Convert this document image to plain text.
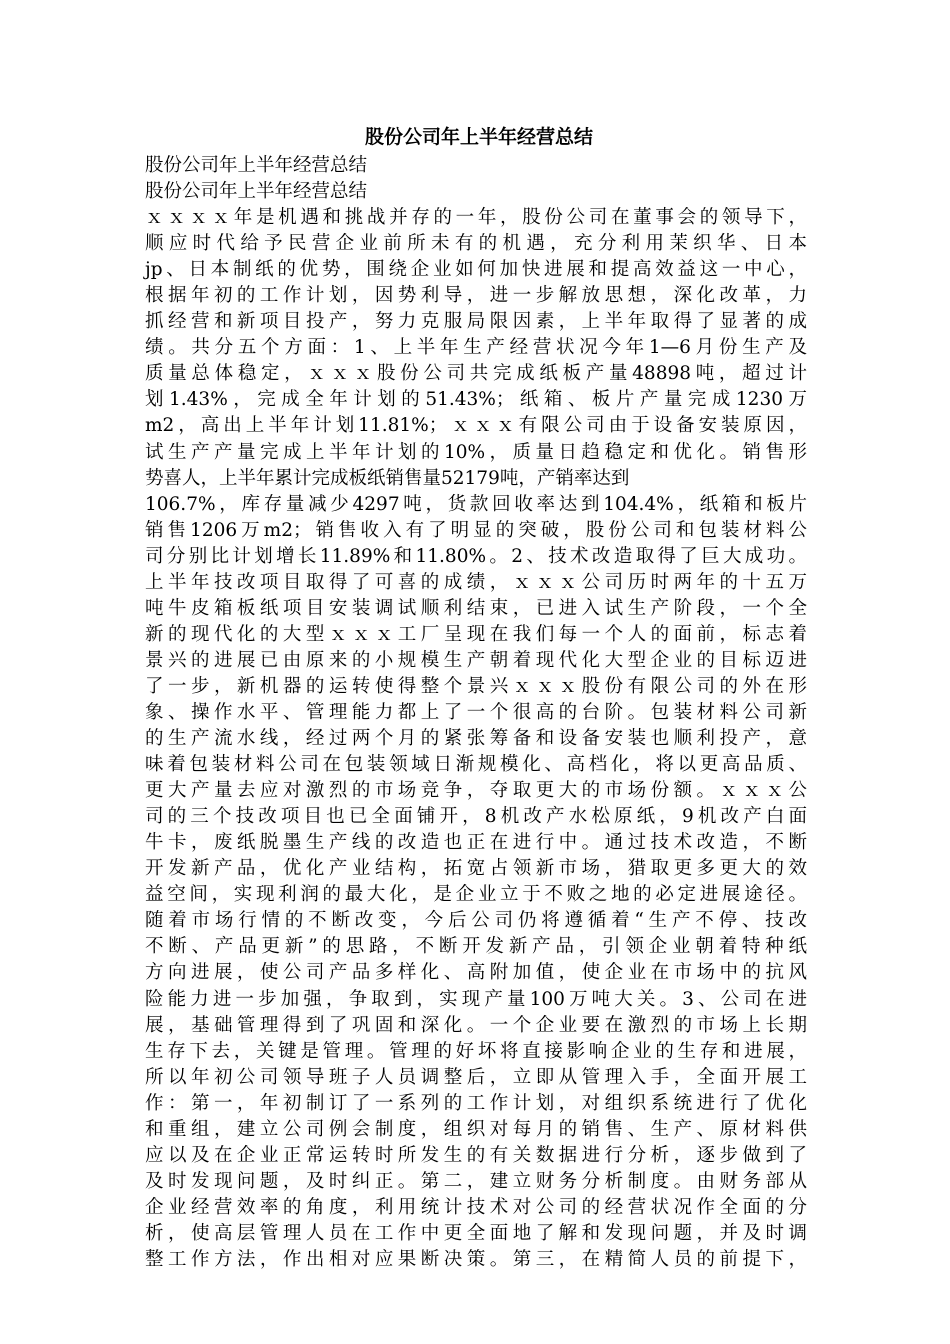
股份公司年上半年经营总结
股份公司年上半年经营总结
股份公司年上半年经营总结
ｘｘｘｘ年是机遇和挑战并存的一年，股份公司在董事会的领导下，
顺应时代给予民营企业前所未有的机遇，充分利用茉织华、日本
jp、日本制纸的优势，围绕企业如何加快进展和提高效益这一中心，
根据年初的工作计划，因势利导，进一步解放思想，深化改革，力
抓经营和新项目投产，努力克服局限因素，上半年取得了显著的成
绩。共分五个方面：1、上半年生产经营状况今年1—6月份生产及
质量总体稳定，ｘｘｘ股份公司共完成纸板产量48898吨，超过计
划1.43%，完成全年计划的51.43%；纸箱、板片产量完成1230万
m2，高出上半年计划11.81%；ｘｘｘ有限公司由于设备安装原因，
试生产产量完成上半年计划的10%，质量日趋稳定和优化。销售形
势喜人，上半年累计完成板纸销售量52179吨，产销率达到
106.7%，库存量减少4297吨，货款回收率达到104.4%，纸箱和板片
销售1206万m2；销售收入有了明显的突破，股份公司和包装材料公
司分别比计划增长11.89%和11.80%。2、技术改造取得了巨大成功。
上半年技改项目取得了可喜的成绩，ｘｘｘ公司历时两年的十五万
吨牛皮箱板纸项目安装调试顺利结束，已进入试生产阶段，一个全
新的现代化的大型ｘｘｘ工厂呈现在我们每一个人的面前，标志着
景兴的进展已由原来的小规模生产朝着现代化大型企业的目标迈进
了一步，新机器的运转使得整个景兴ｘｘｘ股份有限公司的外在形
象、操作水平、管理能力都上了一个很高的台阶。包装材料公司新
的生产流水线，经过两个月的紧张筹备和设备安装也顺利投产，意
味着包装材料公司在包装领域日渐规模化、高档化，将以更高品质、
更大产量去应对激烈的市场竞争，夺取更大的市场份额。ｘｘｘ公
司的三个技改项目也已全面铺开，8机改产水松原纸，9机改产白面
牛卡，废纸脱墨生产线的改造也正在进行中。通过技术改造，不断
开发新产品，优化产业结构，拓宽占领新市场，猎取更多更大的效
益空间，实现利润的最大化，是企业立于不败之地的必定进展途径。
随着市场行情的不断改变，今后公司仍将遵循着“生产不停、技改
不断、产品更新”的思路，不断开发新产品，引领企业朝着特种纸
方向进展，使公司产品多样化、高附加值，使企业在市场中的抗风
险能力进一步加强，争取到，实现产量100万吨大关。3、公司在进
展，基础管理得到了巩固和深化。一个企业要在激烈的市场上长期
生存下去，关键是管理。管理的好坏将直接影响企业的生存和进展，
所以年初公司领导班子人员调整后，立即从管理入手，全面开展工
作：第一，年初制订了一系列的工作计划，对组织系统进行了优化
和重组，建立公司例会制度，组织对每月的销售、生产、原材料供
应以及在企业正常运转时所发生的有关数据进行分析，逐步做到了
及时发现问题，及时纠正。第二，建立财务分析制度。由财务部从
企业经营效率的角度，利用统计技术对公司的经营状况作全面的分
析，使高层管理人员在工作中更全面地了解和发现问题，并及时调
整工作方法，作出相对应果断决策。第三，在精简人员的前提下，
